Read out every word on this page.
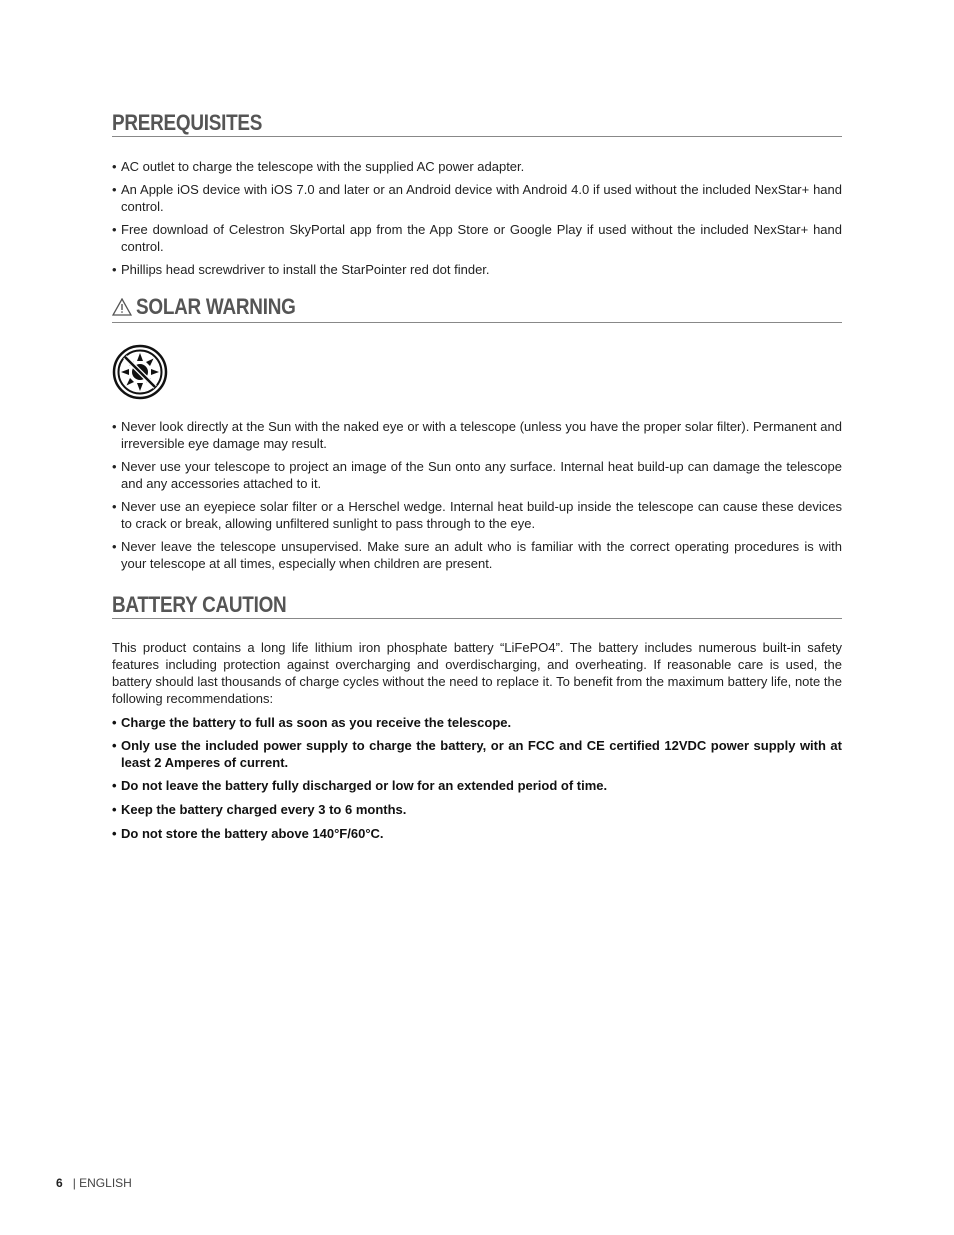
PREREQUISITES
• AC outlet to charge the telescope with the supplied AC power adapter.
• An Apple iOS device with iOS 7.0 and later or an Android device with Android 4.0 if used without the included NexStar+ hand control.
• Free download of Celestron SkyPortal app from the App Store or Google Play if used without the included NexStar+ hand control.
• Phillips head screwdriver to install the StarPointer red dot finder.
SOLAR WARNING
• Never look directly at the Sun with the naked eye or with a telescope (unless you have the proper solar filter). Permanent and irreversible eye damage may result.
• Never use your telescope to project an image of the Sun onto any surface. Internal heat build-up can damage the telescope and any accessories attached to it.
• Never use an eyepiece solar filter or a Herschel wedge. Internal heat build-up inside the telescope can cause these devices to crack or break, allowing unfiltered sunlight to pass through to the eye.
• Never leave the telescope unsupervised. Make sure an adult who is familiar with the correct operating procedures is with your telescope at all times, especially when children are present.
BATTERY CAUTION

This product contains a long life lithium iron phosphate battery “LiFePO4”. The battery includes numerous built-in safety features including protection against overcharging and overdischarging, and overheating. If reasonable care is used, the battery should last thousands of charge cycles without the need to replace it. To benefit from the maximum battery life, note the following recommendations:

• Charge the battery to full as soon as you receive the telescope.
• Only use the included power supply to charge the battery, or an FCC and CE certified 12VDC power supply with at least 2 Amperes of current.
• Do not leave the battery fully discharged or low for an extended period of time.
• Keep the battery charged every 3 to 6 months.
• Do not store the battery above 140°F/60°C.
6 | ENGLISH
